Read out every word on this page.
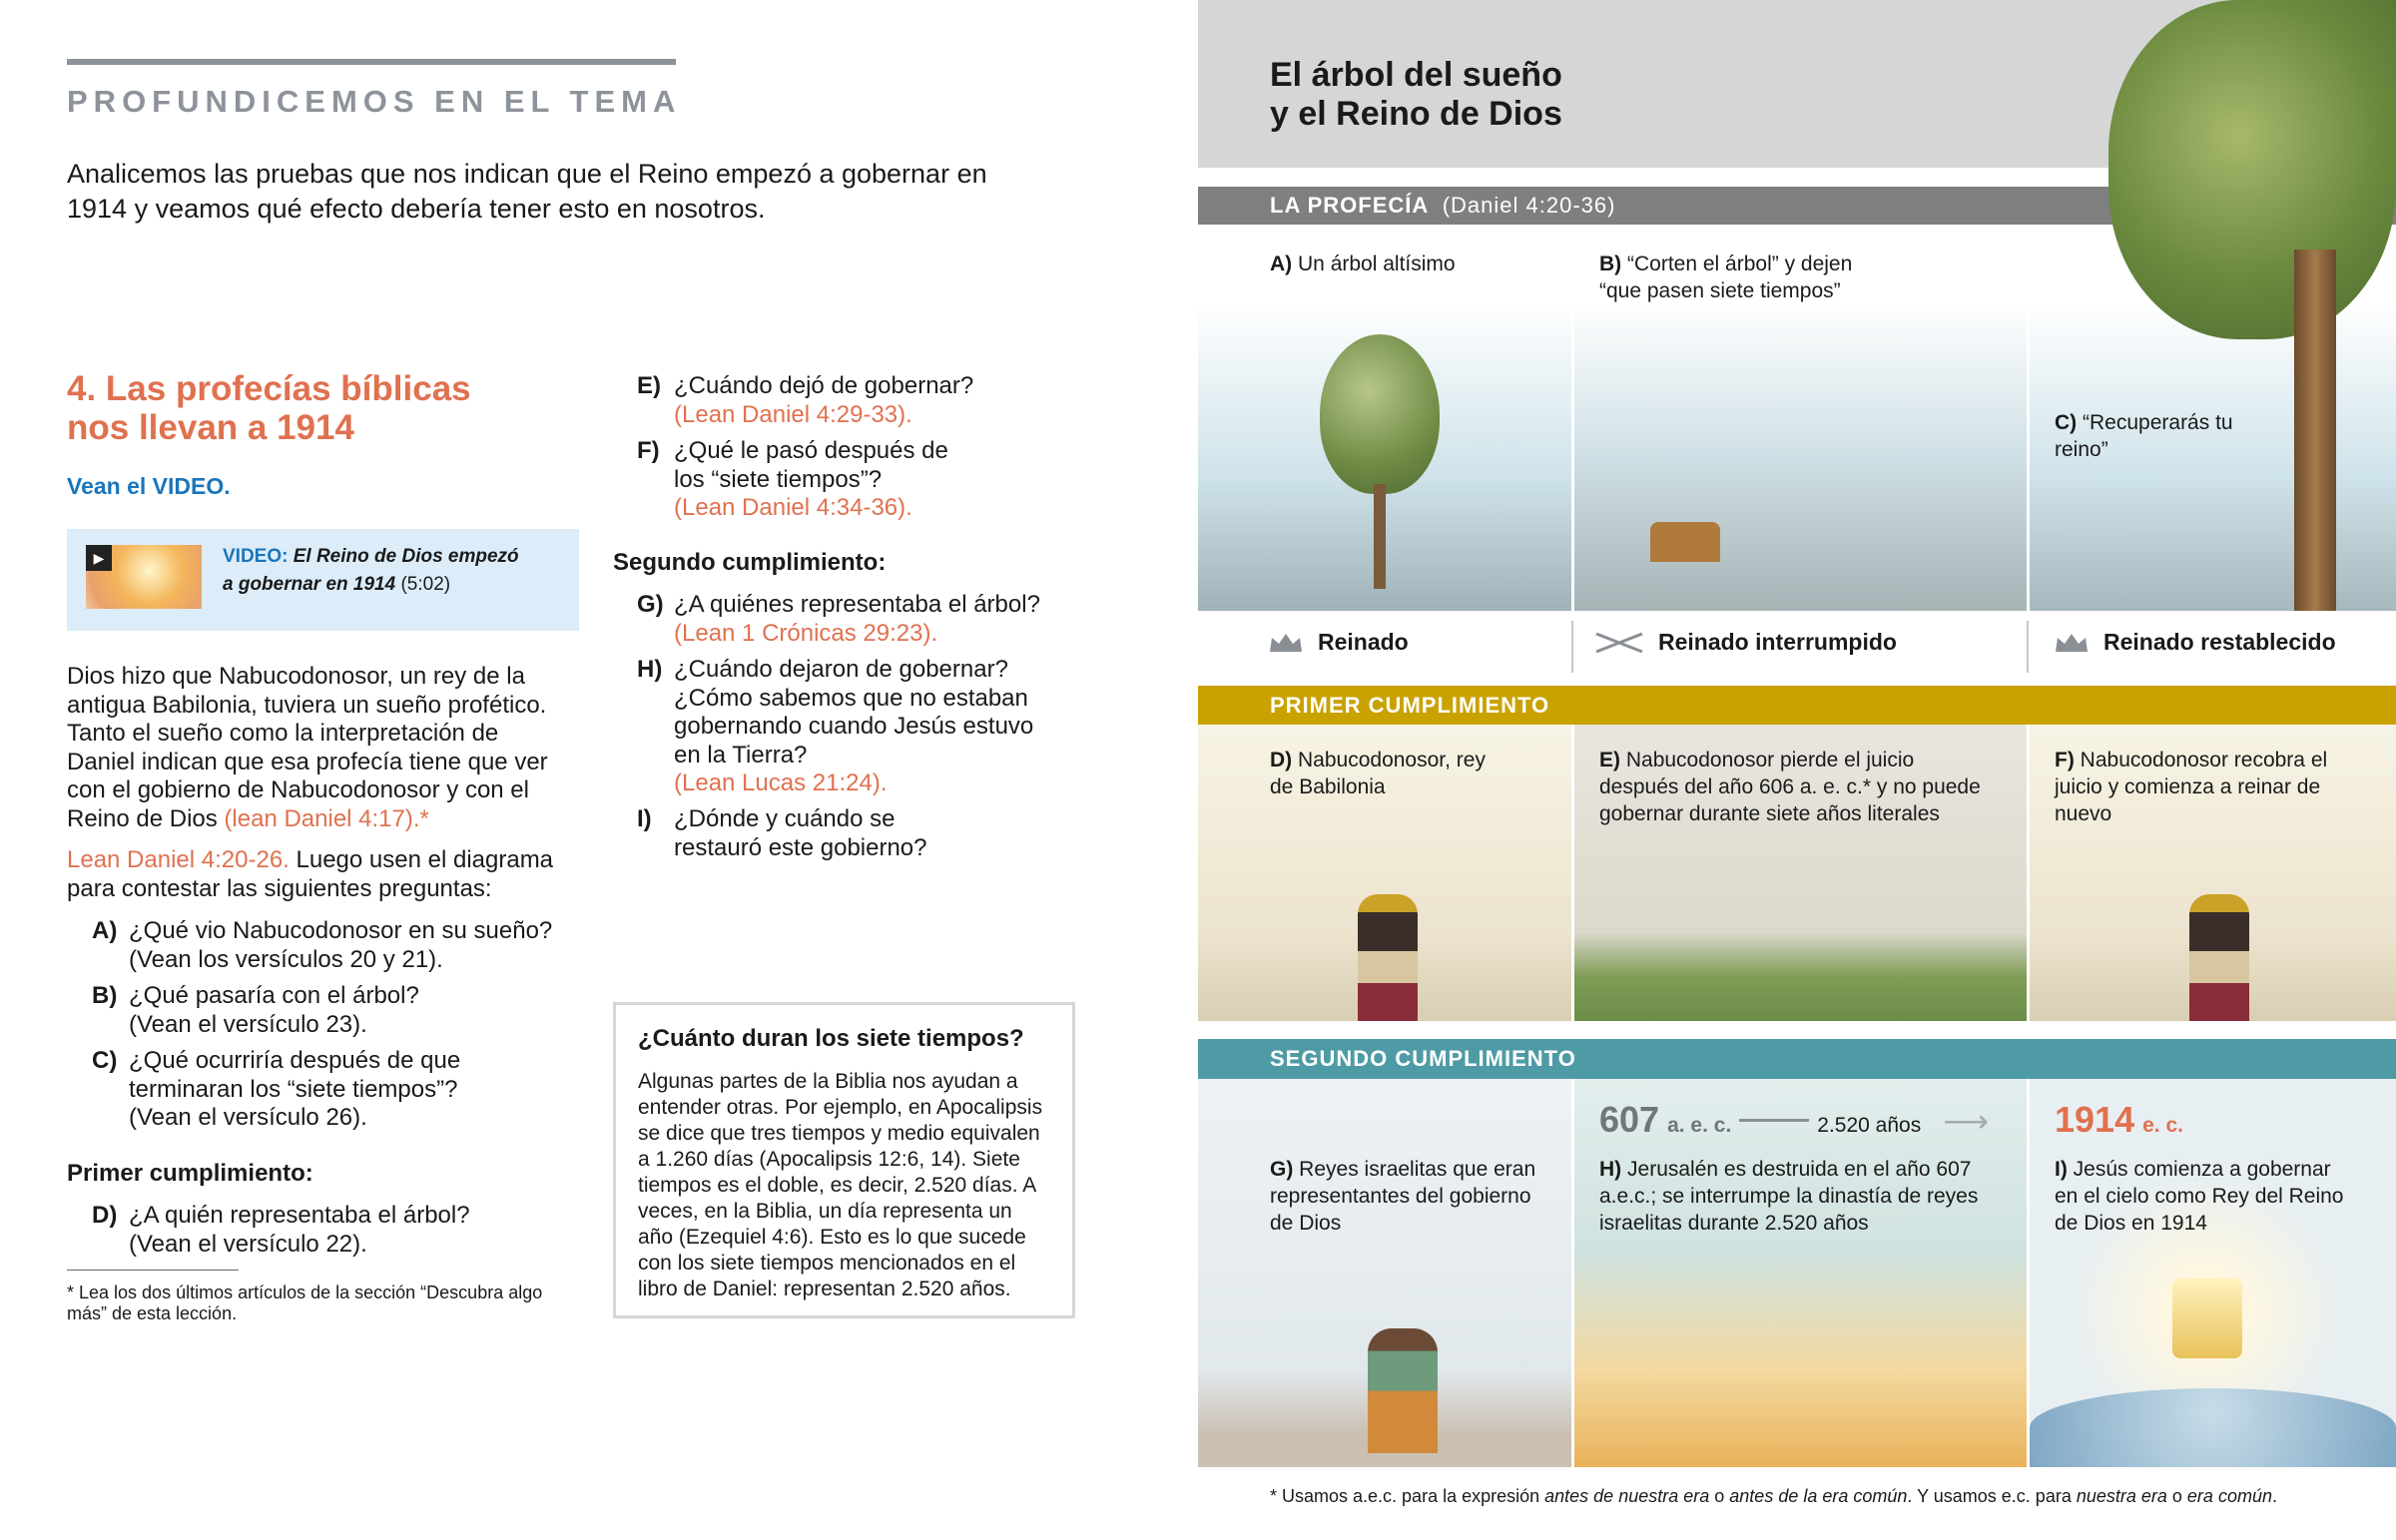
PROFUNDICEMOS EN EL TEMA
Analicemos las pruebas que nos indican que el Reino empezó a gobernar en 1914 y veamos qué efecto debería tener esto en nosotros.
4. Las profecías bíblicas
nos llevan a 1914
Vean el VIDEO.
▶	VIDEO: El Reino de Dios empezó
a gobernar en 1914 (5:02)
Dios hizo que Nabucodonosor, un rey de la antigua Babilonia, tuviera un sueño profético. Tanto el sueño como la interpretación de Daniel indican que esa profecía tiene que ver con el gobierno de Nabucodonosor y con el Reino de Dios (lean Daniel 4:17).*
Lean Daniel 4:20-26. Luego usen el diagrama para contestar las siguientes preguntas:
A) ¿Qué vio Nabucodonosor en su sueño?
(Vean los versículos 20 y 21).
B) ¿Qué pasaría con el árbol?
(Vean el versículo 23).
C) ¿Qué ocurriría después de que terminaran los “siete tiempos”?
(Vean el versículo 26).
Primer cumplimiento:
D) ¿A quién representaba el árbol?
(Vean el versículo 22).
* Lea los dos últimos artículos de la sección “Descubra algo más” de esta lección.
E) ¿Cuándo dejó de gobernar?
(Lean Daniel 4:29-33).
F) ¿Qué le pasó después de los “siete tiempos”?
(Lean Daniel 4:34-36).
Segundo cumplimiento:
G) ¿A quiénes representaba el árbol?
(Lean 1 Crónicas 29:23).
H) ¿Cuándo dejaron de gobernar? ¿Cómo sabemos que no estaban gobernando cuando Jesús estuvo en la Tierra?
(Lean Lucas 21:24).
I) ¿Dónde y cuándo se restauró este gobierno?
¿Cuánto duran los siete tiempos?

Algunas partes de la Biblia nos ayudan a entender otras. Por ejemplo, en Apocalipsis se dice que tres tiempos y medio equivalen a 1.260 días (Apocalipsis 12:6, 14). Siete tiempos es el doble, es decir, 2.520 días. A veces, en la Biblia, un día representa un año (Ezequiel 4:6). Esto es lo que sucede con los siete tiempos mencionados en el libro de Daniel: representan 2.520 años.

El árbol del sueño
y el Reino de Dios
LA PROFECÍA (Daniel 4:20-36)
A) Un árbol altísimo	B) “Corten el árbol” y dejen “que pasen siete tiempos”
C) “Recuperarás tu reino”
Reinado	Reinado interrumpido	Reinado restablecido
PRIMER CUMPLIMIENTO
D) Nabucodonosor, rey de Babilonia
E) Nabucodonosor pierde el juicio después del año 606 a. e. c.* y no puede gobernar durante siete años literales
F) Nabucodonosor recobra el juicio y comienza a reinar de nuevo
SEGUNDO CUMPLIMIENTO
G) Reyes israelitas que eran representantes del gobierno de Dios
607 a. e. c.	2.520 años ⟶
H) Jerusalén es destruida en el año 607 a.e.c.; se interrumpe la dinastía de reyes israelitas durante 2.520 años
1914 e. c.
I) Jesús comienza a gobernar en el cielo como Rey del Reino de Dios en 1914
* Usamos a.e.c. para la expresión antes de nuestra era o antes de la era común. Y usamos e.c. para nuestra era o era común.
